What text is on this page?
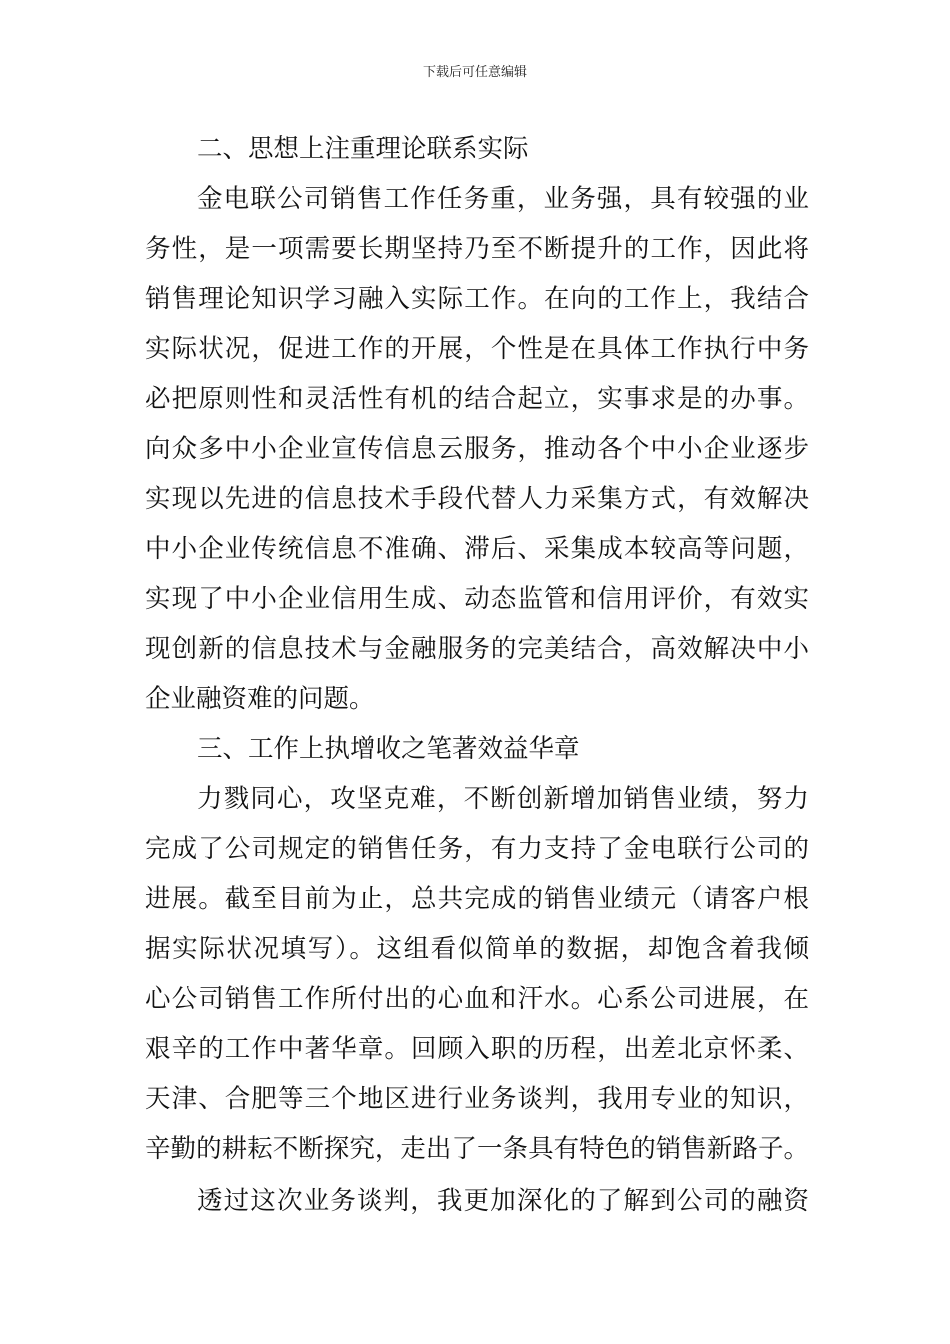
下载后可任意编辑
二、思想上注重理论联系实际
金电联公司销售工作任务重，业务强，具有较强的业
务性，是一项需要长期坚持乃至不断提升的工作，因此将
销售理论知识学习融入实际工作。在向的工作上，我结合
实际状况，促进工作的开展，个性是在具体工作执行中务
必把原则性和灵活性有机的结合起立，实事求是的办事。
向众多中小企业宣传信息云服务，推动各个中小企业逐步
实现以先进的信息技术手段代替人力采集方式，有效解决
中小企业传统信息不准确、滞后、采集成本较高等问题，
实现了中小企业信用生成、动态监管和信用评价，有效实
现创新的信息技术与金融服务的完美结合，高效解决中小
企业融资难的问题。
三、工作上执增收之笔著效益华章
力戮同心，攻坚克难，不断创新增加销售业绩，努力
完成了公司规定的销售任务，有力支持了金电联行公司的
进展。截至目前为止，总共完成的销售业绩元（请客户根
据实际状况填写）。这组看似简单的数据，却饱含着我倾
心公司销售工作所付出的心血和汗水。心系公司进展，在
艰辛的工作中著华章。回顾入职的历程，出差北京怀柔、
天津、合肥等三个地区进行业务谈判，我用专业的知识，
辛勤的耕耘不断探究，走出了一条具有特色的销售新路子。
透过这次业务谈判，我更加深化的了解到公司的融资
